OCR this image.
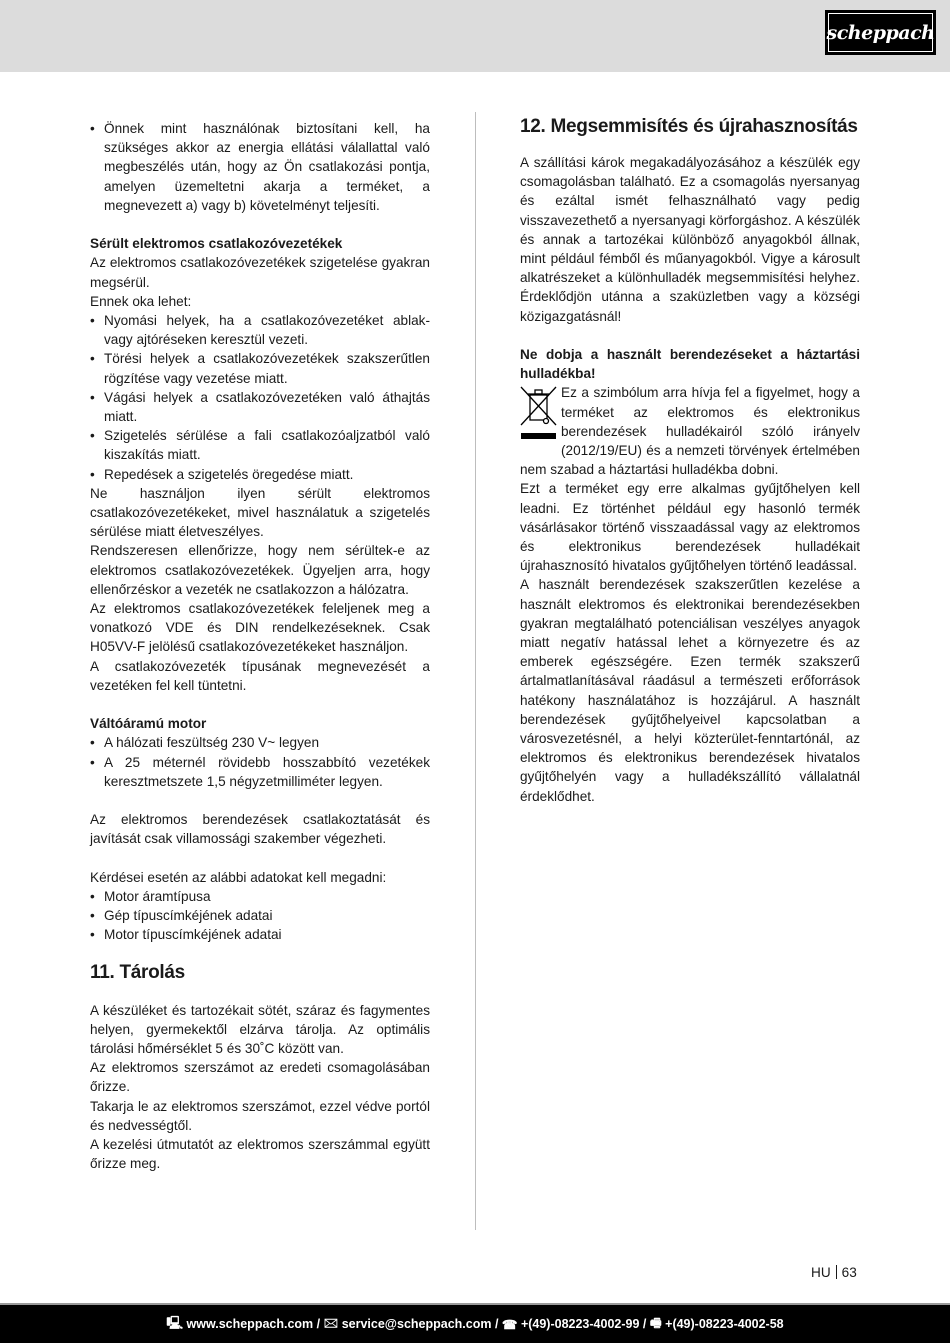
scheppach
• Önnek mint használónak biztosítani kell, ha szükséges akkor az energia ellátási válallattal való megbeszélés után, hogy az Ön csatlakozási pontja, amelyen üzemeltetni akarja a terméket, a megnevezett a) vagy b) követelményt teljesíti.

Sérült elektromos csatlakozóvezetékek

Az elektromos csatlakozóvezetékek szigetelése gyakran megsérül.

Ennek oka lehet:

• Nyomási helyek, ha a csatlakozóvezetéket ablak- vagy ajtóréseken keresztül vezeti.
• Törési helyek a csatlakozóvezetékek szakszerűtlen rögzítése vagy vezetése miatt.
• Vágási helyek a csatlakozóvezetéken való áthajtás miatt.
• Szigetelés sérülése a fali csatlakozóaljzatból való kiszakítás miatt.
• Repedések a szigetelés öregedése miatt.

Ne használjon ilyen sérült elektromos csatlakozóvezetékeket, mivel használatuk a szigetelés sérülése miatt életveszélyes.

Rendszeresen ellenőrizze, hogy nem sérültek-e az elektromos csatlakozóvezetékek. Ügyeljen arra, hogy ellenőrzéskor a vezeték ne csatlakozzon a hálózatra.

Az elektromos csatlakozóvezetékek feleljenek meg a vonatkozó VDE és DIN rendelkezéseknek. Csak H05VV-F jelölésű csatlakozóvezetékeket használjon.

A csatlakozóvezeték típusának megnevezését a vezetéken fel kell tüntetni.

Váltóáramú motor

• A hálózati feszültség 230 V~ legyen
• A 25 méternél rövidebb hosszabbító vezetékek keresztmetszete 1,5 négyzetmilliméter legyen.

Az elektromos berendezések csatlakoztatását és javítását csak villamossági szakember végezheti.

Kérdései esetén az alábbi adatokat kell megadni:

• Motor áramtípusa
• Gép típuscímkéjének adatai
• Motor típuscímkéjének adatai
11. Tárolás

A készüléket és tartozékait sötét, száraz és fagymentes helyen, gyermekektől elzárva tárolja. Az optimális tárolási hőmérséklet 5 és 30˚C között van.

Az elektromos szerszámot az eredeti csomagolásában őrizze.

Takarja le az elektromos szerszámot, ezzel védve portól és nedvességtől.

A kezelési útmutatót az elektromos szerszámmal együtt őrizze meg.

12. Megsemmisítés és újrahasznosítás

A szállítási károk megakadályozásához a készülék egy csomagolásban található. Ez a csomagolás nyersanyag és ezáltal ismét felhasználható vagy pedig visszavezethető a nyersanyagi körforgáshoz. A készülék és annak a tartozékai különböző anyagokból állnak, mint például fémből és műanyagokból. Vigye a károsult alkatrészeket a különhulladék megsemmisítési helyhez. Érdeklődjön utánna a szaküzletben vagy a községi közigazgatásnál!

Ne dobja a használt berendezéseket a háztartási hulladékba!

Ez a szimbólum arra hívja fel a figyelmet, hogy a terméket az elektromos és elektronikus berendezések hulladékairól szóló irányelv (2012/19/EU) és a nemzeti törvények értelmében nem szabad a háztartási hulladékba dobni.

Ezt a terméket egy erre alkalmas gyűjtőhelyen kell leadni. Ez történhet például egy hasonló termék vásárlásakor történő visszaadással vagy az elektromos és elektronikus berendezések hulladékait újrahasznosító hivatalos gyűjtőhelyen történő leadással.

A használt berendezések szakszerűtlen kezelése a használt elektromos és elektronikai berendezésekben gyakran megtalálható potenciálisan veszélyes anyagok miatt negatív hatással lehet a környezetre és az emberek egészségére. Ezen termék szakszerű ártalmatlanításával ráadásul a természeti erőforrások hatékony használatához is hozzájárul. A használt berendezések gyűjtőhelyeivel kapcsolatban a városvezetésnél, a helyi közterület-fenntartónál, az elektromos és elektronikus berendezések hivatalos gyűjtőhelyén vagy a hulladékszállító vállalatnál érdeklődhet.

HU 63
🖳 www.scheppach.com / 🖂 service@scheppach.com / ☎ +(49)-08223-4002-99 / 🖷 +(49)-08223-4002-58
